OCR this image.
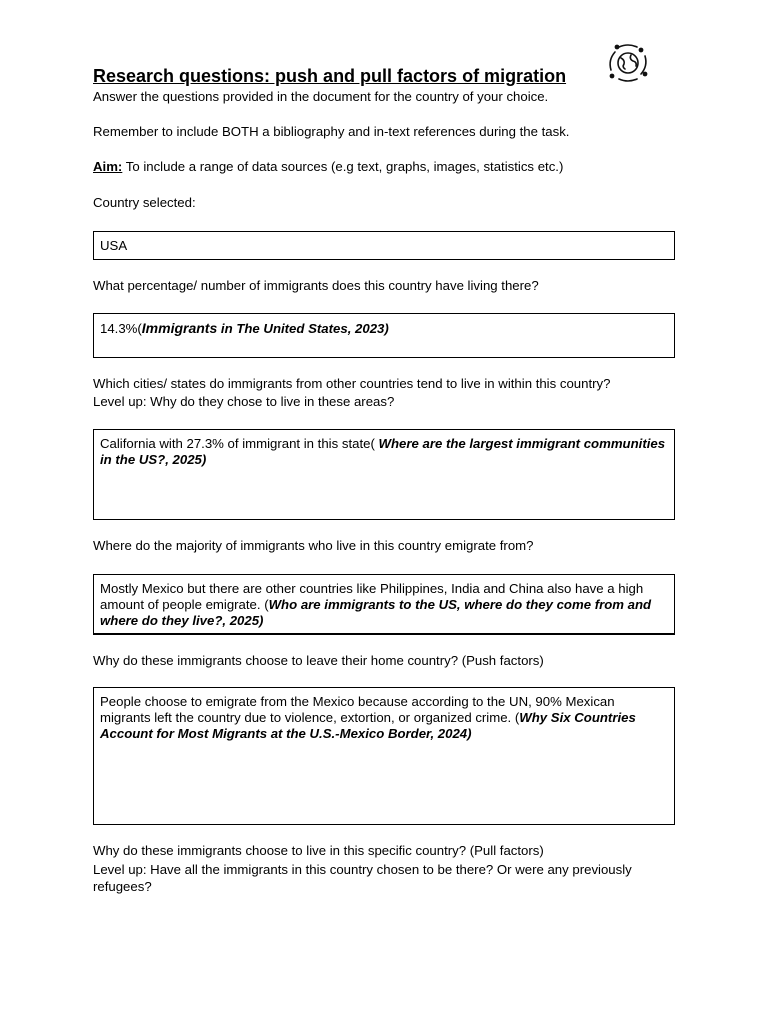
Research questions: push and pull factors of migration
Answer the questions provided in the document for the country of your choice.
Remember to include BOTH a bibliography and in-text references during the task.
Aim: To include a range of data sources (e.g text, graphs, images, statistics etc.)
Country selected:
USA
What percentage/ number of immigrants does this country have living there?
14.3%(Immigrants in The United States, 2023)
Which cities/ states do immigrants from other countries tend to live in within this country?
Level up: Why do they chose to live in these areas?
California with 27.3% of immigrant in this state( Where are the largest immigrant communities in the US?, 2025)
Where do the majority of immigrants who live in this country emigrate from?
Mostly Mexico but there are other countries like Philippines, India and China also have a high amount of people emigrate. (Who are immigrants to the US, where do they come from and where do they live?, 2025)
Why do these immigrants choose to leave their home country? (Push factors)
People choose to emigrate from the Mexico because according to the UN, 90% Mexican migrants left the country due to violence, extortion, or organized crime. (Why Six Countries Account for Most Migrants at the U.S.-Mexico Border, 2024)
Why do these immigrants choose to live in this specific country? (Pull factors)
Level up: Have all the immigrants in this country chosen to be there? Or were any previously refugees?
